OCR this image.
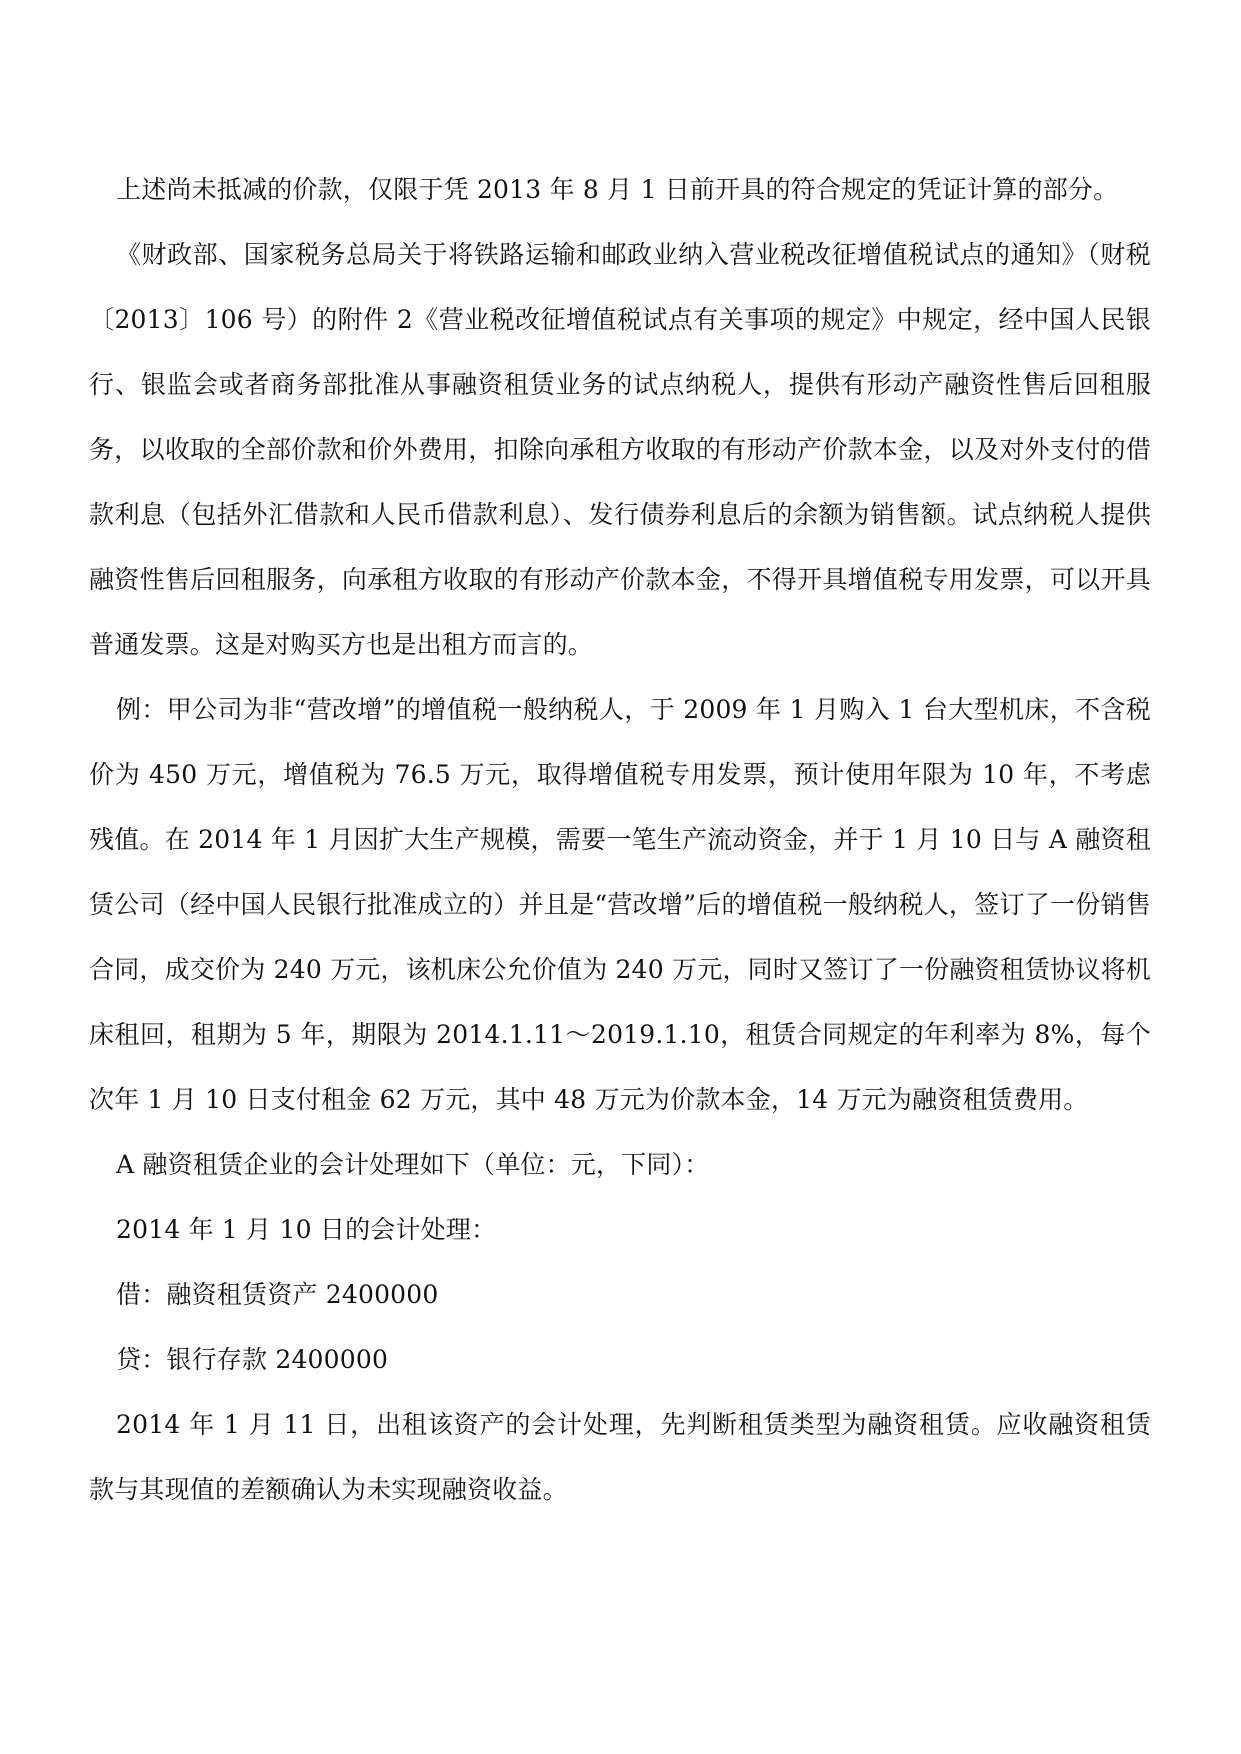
上述尚未抵减的价款，仅限于凭 2013 年 8 月 1 日前开具的符合规定的凭证计算的部分。

《财政部、国家税务总局关于将铁路运输和邮政业纳入营业税改征增值税试点的通知》（财税〔2013〕106 号）的附件 2《营业税改征增值税试点有关事项的规定》中规定，经中国人民银行、银监会或者商务部批准从事融资租赁业务的试点纳税人，提供有形动产融资性售后回租服务，以收取的全部价款和价外费用，扣除向承租方收取的有形动产价款本金，以及对外支付的借款利息（包括外汇借款和人民币借款利息）、发行债券利息后的余额为销售额。试点纳税人提供融资性售后回租服务，向承租方收取的有形动产价款本金，不得开具增值税专用发票，可以开具普通发票。这是对购买方也是出租方而言的。

例：甲公司为非“营改增”的增值税一般纳税人，于 2009 年 1 月购入 1 台大型机床，不含税价为 450 万元，增值税为 76.5 万元，取得增值税专用发票，预计使用年限为 10 年，不考虑残值。在 2014 年 1 月因扩大生产规模，需要一笔生产流动资金，并于 1 月 10 日与 A 融资租赁公司（经中国人民银行批准成立的）并且是“营改增”后的增值税一般纳税人，签订了一份销售合同，成交价为 240 万元，该机床公允价值为 240 万元，同时又签订了一份融资租赁协议将机床租回，租期为 5 年，期限为 2014.1.11～2019.1.10，租赁合同规定的年利率为 8%，每个次年 1 月 10 日支付租金 62 万元，其中 48 万元为价款本金，14 万元为融资租赁费用。

A 融资租赁企业的会计处理如下（单位：元，下同）：

2014 年 1 月 10 日的会计处理：

借：融资租赁资产 2400000

贷：银行存款 2400000

2014 年 1 月 11 日，出租该资产的会计处理，先判断租赁类型为融资租赁。应收融资租赁款与其现值的差额确认为未实现融资收益。
